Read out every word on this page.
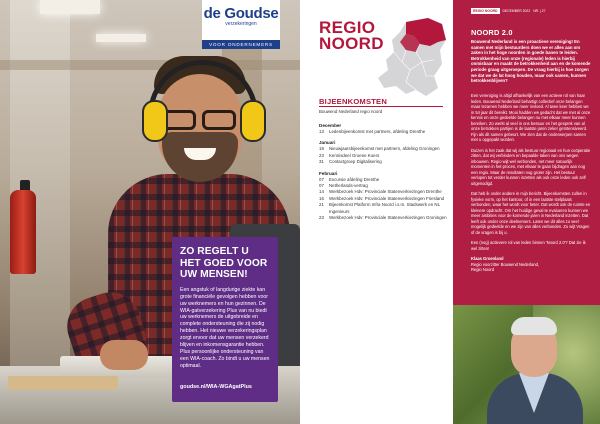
de Goudse
verzekeringen
VOOR ONDERNEMERS
ZO REGELT U HET GOED VOOR UW MENSEN!
Een angstuk of langdurige ziekte kan grote financiële gevolgen hebben voor uw werknemers en hun gezinnen. De WIA-gatverzekering Plus van nu biedt uw werknemers de uitgebreide en complete ondersteuning die zij nodig hebben. Het nieuwe verzekeringsplan zorgt ervoor dat uw mensen verzekerd blijven en inkomensgarantie hebben. Plus persoonlijke ondersteuning van een WIA-coach. Zo bindt u uw mensen optimaal.
goudse.nl/WIA-WGAgatPlus
REGIO
NOORD
BIJEENKOMSTEN
Bouwend Nederland regio noord
December
13	Ledenbijeenkomst met partners, afdeling Drenthe
Januari
19	Nieuwjaarsbijeenkomst met partners, afdeling Groningen
23	Kennisdeel Groene Koers
31	Contactgroep Digitalisering
Februari
07	Excursie afdeling Drenthe
07	Netherlands-vertrag
14	Werkbezoek Hdv: Provinciale Statenverkiezingen Drenthe
16	Werkbezoek Hdv: Provinciale Statenverkiezingen Friesland
21	Bijeenkomst Platform Infra Noord i.s.m. Stadswerk en NL Ingenieurs
23	Werkbezoek Hdv: Provinciale Statenverkiezingen Groningen
REGIO NOORD	DECEMBER 2022 NR. | 27
NOORD 2.0
Bouwend Nederland is een proactieve vereniging! En samen met mijn bestuurders doen we er alles aan om zaken in het hoge noorden in goede banen te leiden. Betrokkenheid van onze (regionale) leden is hierbij onmisbaar en maakt de betrokkenheid aan en de komende periode graag uitgeroepen. De vraag hierbij is hoe zorgen we dat we de lat hoog houden, maar ook samen, kunnen betrokkenblijven?

Een vereniging is altijd afhankelijk van een actieve rol van haar leden. Bouwend Nederland behartigt collectief onze belangen maar tezamen hebben we meer invloed. Al twee keer hebben we in 54 jaar dit bereikt. Mooi hadden we gedacht dat we met al onze kennis en onze gedeelde belangen nu met elkaar meer kunnen bereiken. Zo werkt al veel in ons bestuur en het gesprek van al onze betrokken partijen is de laatste jaren zeker geïntensiveerd. Fijn als dit samen gebeurt. We zien dat de onderwerpen samen met u opgepakt worden.

Duizen is het zaak dat wij als bestuur regionaal en hun coöperatie zitten, dat wij verbinders en bepaalde taken van ons wegen inbouwen. Regio wijt wel verbonden, net meer natuurlijk momenten in het proces, met elkaar te gaan bijdragen aan nog een regio. Maar de resultaten nog groter zijn. Het bestuur verlopen tot verder kunnen inzetten als ook onze leden ook zelf uitgenodigd.

Dat heb ik onder andere in mijn bericht. Bijeenkomsten zullen in fysieke vorm, op het kantoor, of in een laatste stelplaats verbonden, waar het wordt voor beter. Dat wordt ook de ruimte en kleinere opdracht. Om het huidige geval te evalueren kunnen we meer ambities voor de komende jaren in Nederland inzetten. Dat leeft ook onder onze deelnemers. Laten we dit alles zo veel mogelijk gedeelde en we zijn van alles verbonden. Zo wijt Vragen of de vragen is bij u.

Een (nog) actievere rol van leden binnen 'Noord 2.0'? Dat zie ik wel zitten!

Klaas Groenland
Regio voorzitter Bouwend Nederland,
Regio Noord
